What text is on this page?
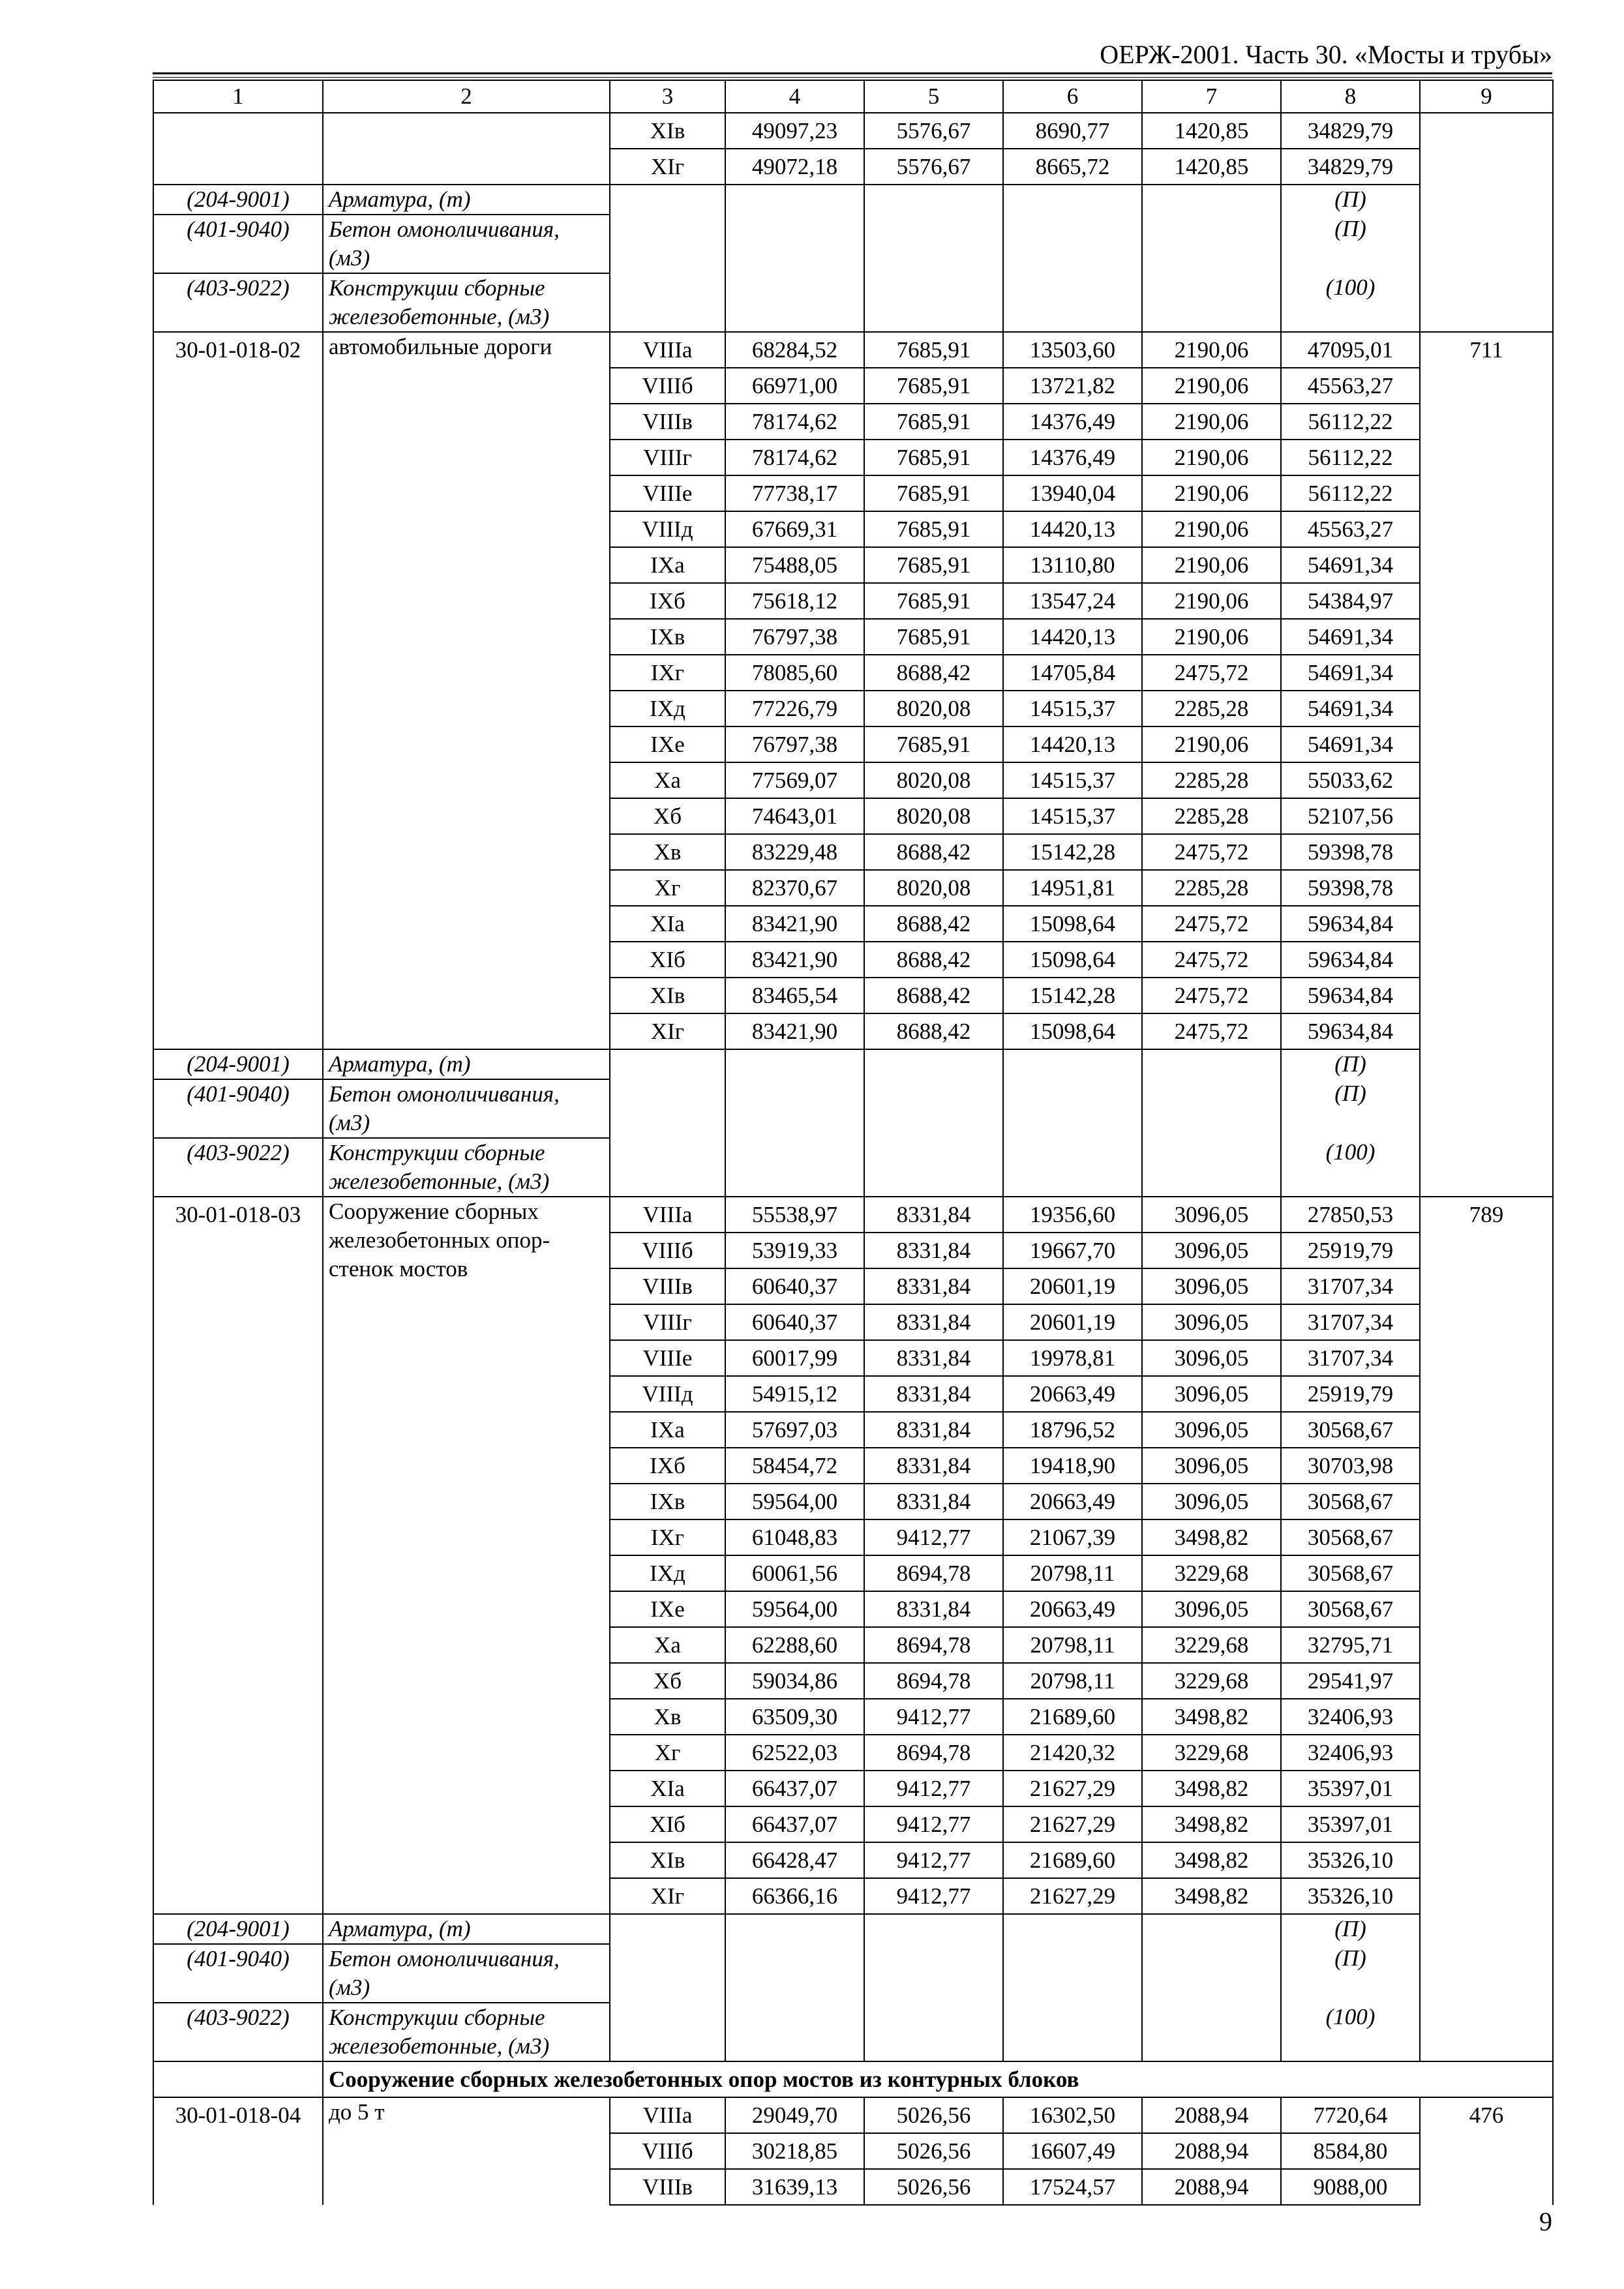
ОЕРЖ-2001. Часть 30. «Мосты и трубы»
1	2	3	4	5	6	7	8	9
		XIв	49097,23	5576,67	8690,77	1420,85	34829,79	
		XIг	49072,18	5576,67	8665,72	1420,85	34829,79	
(204-9001)	Арматура, (т)						(П)	
(401-9040)	Бетон омоноличивания, (м3)						(П)	
(403-9022)	Конструкции сборные железобетонные, (м3)						(100)	
30-01-018-02	автомобильные дороги	VIIIа	68284,52	7685,91	13503,60	2190,06	47095,01	711
		VIIIб	66971,00	7685,91	13721,82	2190,06	45563,27	
		VIIIв	78174,62	7685,91	14376,49	2190,06	56112,22	
		VIIIг	78174,62	7685,91	14376,49	2190,06	56112,22	
		VIIIе	77738,17	7685,91	13940,04	2190,06	56112,22	
		VIIIд	67669,31	7685,91	14420,13	2190,06	45563,27	
		IXа	75488,05	7685,91	13110,80	2190,06	54691,34	
		IXб	75618,12	7685,91	13547,24	2190,06	54384,97	
		IXв	76797,38	7685,91	14420,13	2190,06	54691,34	
		IXг	78085,60	8688,42	14705,84	2475,72	54691,34	
		IXд	77226,79	8020,08	14515,37	2285,28	54691,34	
		IXе	76797,38	7685,91	14420,13	2190,06	54691,34	
		Xа	77569,07	8020,08	14515,37	2285,28	55033,62	
		Xб	74643,01	8020,08	14515,37	2285,28	52107,56	
		Xв	83229,48	8688,42	15142,28	2475,72	59398,78	
		Xг	82370,67	8020,08	14951,81	2285,28	59398,78	
		XIа	83421,90	8688,42	15098,64	2475,72	59634,84	
		XIб	83421,90	8688,42	15098,64	2475,72	59634,84	
		XIв	83465,54	8688,42	15142,28	2475,72	59634,84	
		XIг	83421,90	8688,42	15098,64	2475,72	59634,84	
(204-9001)	Арматура, (т)						(П)	
(401-9040)	Бетон омоноличивания, (м3)						(П)	
(403-9022)	Конструкции сборные железобетонные, (м3)						(100)	
30-01-018-03	Сооружение сборных железобетонных опор-стенок мостов	VIIIа	55538,97	8331,84	19356,60	3096,05	27850,53	789
		VIIIб	53919,33	8331,84	19667,70	3096,05	25919,79	
		VIIIв	60640,37	8331,84	20601,19	3096,05	31707,34	
		VIIIг	60640,37	8331,84	20601,19	3096,05	31707,34	
		VIIIе	60017,99	8331,84	19978,81	3096,05	31707,34	
		VIIIд	54915,12	8331,84	20663,49	3096,05	25919,79	
		IXа	57697,03	8331,84	18796,52	3096,05	30568,67	
		IXб	58454,72	8331,84	19418,90	3096,05	30703,98	
		IXв	59564,00	8331,84	20663,49	3096,05	30568,67	
		IXг	61048,83	9412,77	21067,39	3498,82	30568,67	
		IXд	60061,56	8694,78	20798,11	3229,68	30568,67	
		IXе	59564,00	8331,84	20663,49	3096,05	30568,67	
		Xа	62288,60	8694,78	20798,11	3229,68	32795,71	
		Xб	59034,86	8694,78	20798,11	3229,68	29541,97	
		Xв	63509,30	9412,77	21689,60	3498,82	32406,93	
		Xг	62522,03	8694,78	21420,32	3229,68	32406,93	
		XIа	66437,07	9412,77	21627,29	3498,82	35397,01	
		XIб	66437,07	9412,77	21627,29	3498,82	35397,01	
		XIв	66428,47	9412,77	21689,60	3498,82	35326,10	
		XIг	66366,16	9412,77	21627,29	3498,82	35326,10	
(204-9001)	Арматура, (т)						(П)	
(401-9040)	Бетон омоноличивания, (м3)						(П)	
(403-9022)	Конструкции сборные железобетонные, (м3)						(100)	
	Сооружение сборных железобетонных опор мостов из контурных блоков							
30-01-018-04	до 5 т	VIIIа	29049,70	5026,56	16302,50	2088,94	7720,64	476
		VIIIб	30218,85	5026,56	16607,49	2088,94	8584,80	
		VIIIв	31639,13	5026,56	17524,57	2088,94	9088,00	
9
